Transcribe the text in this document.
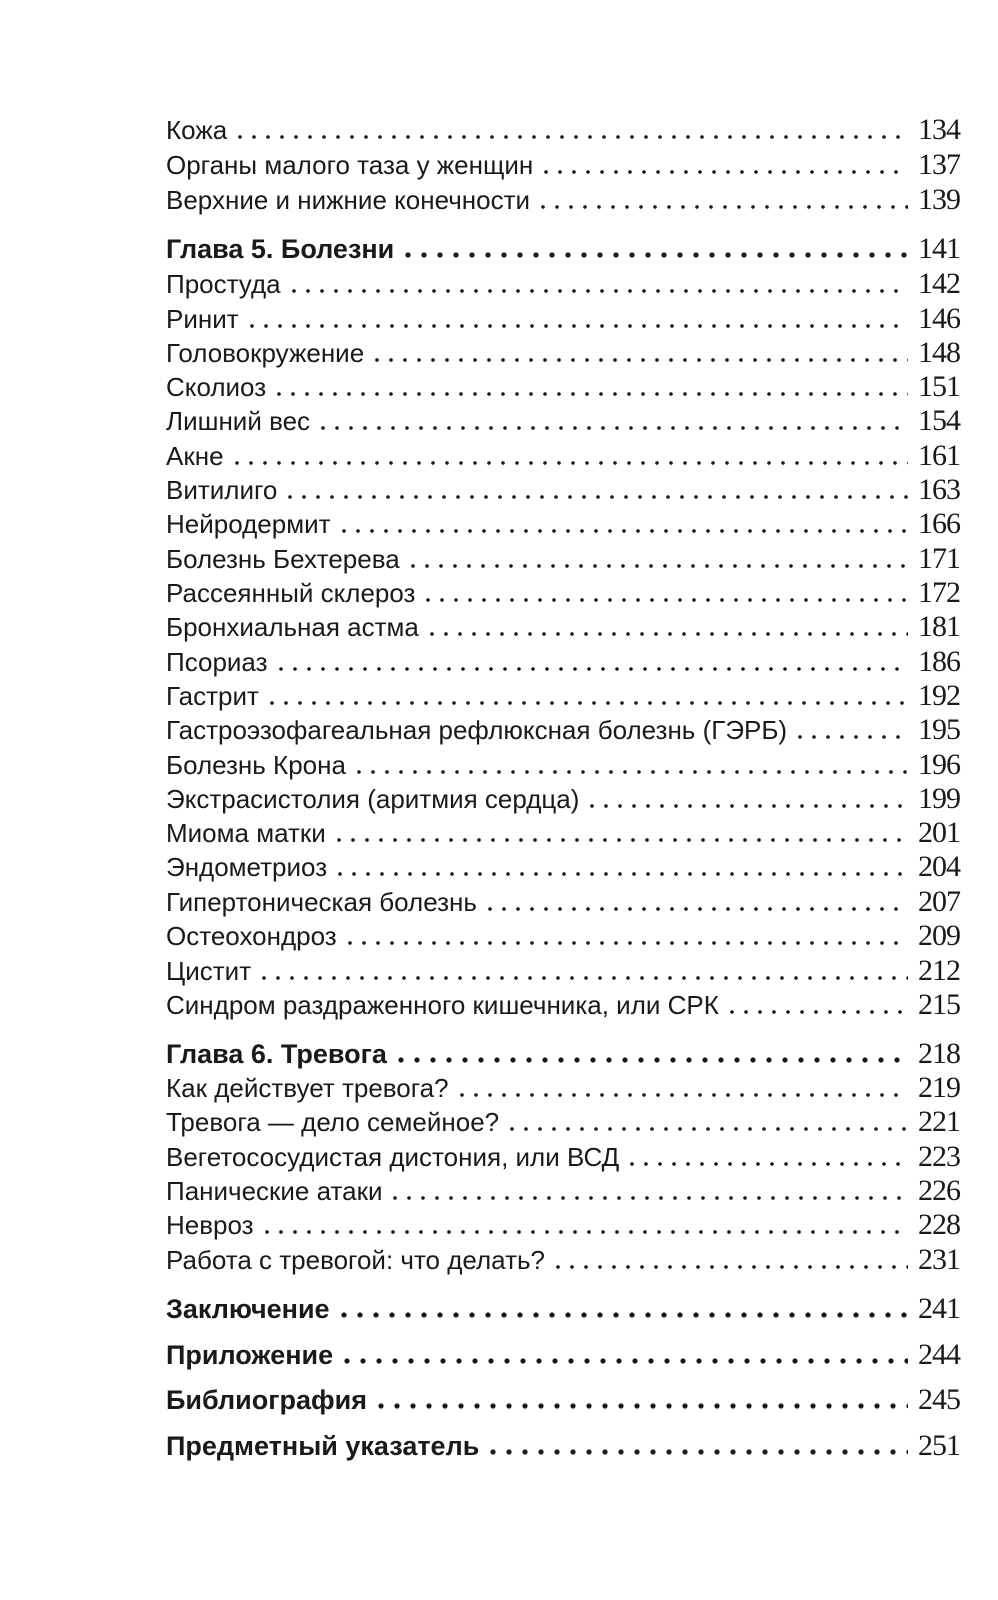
Кожа	134
Органы малого таза у женщин	137
Верхние и нижние конечности	139
Глава 5. Болезни	141
Простуда	142
Ринит	146
Головокружение	148
Сколиоз	151
Лишний вес	154
Акне	161
Витилиго	163
Нейродермит	166
Болезнь Бехтерева	171
Рассеянный склероз	172
Бронхиальная астма	181
Псориаз	186
Гастрит	192
Гастроэзофагеальная рефлюксная болезнь (ГЭРБ)	195
Болезнь Крона	196
Экстрасистолия (аритмия сердца)	199
Миома матки	201
Эндометриоз	204
Гипертоническая болезнь	207
Остеохондроз	209
Цистит	212
Синдром раздраженного кишечника, или СРК	215
Глава 6. Тревога	218
Как действует тревога?	219
Тревога — дело семейное?	221
Вегетососудистая дистония, или ВСД	223
Панические атаки	226
Невроз	228
Работа с тревогой: что делать?	231
Заключение	241
Приложение	244
Библиография	245
Предметный указатель	251
